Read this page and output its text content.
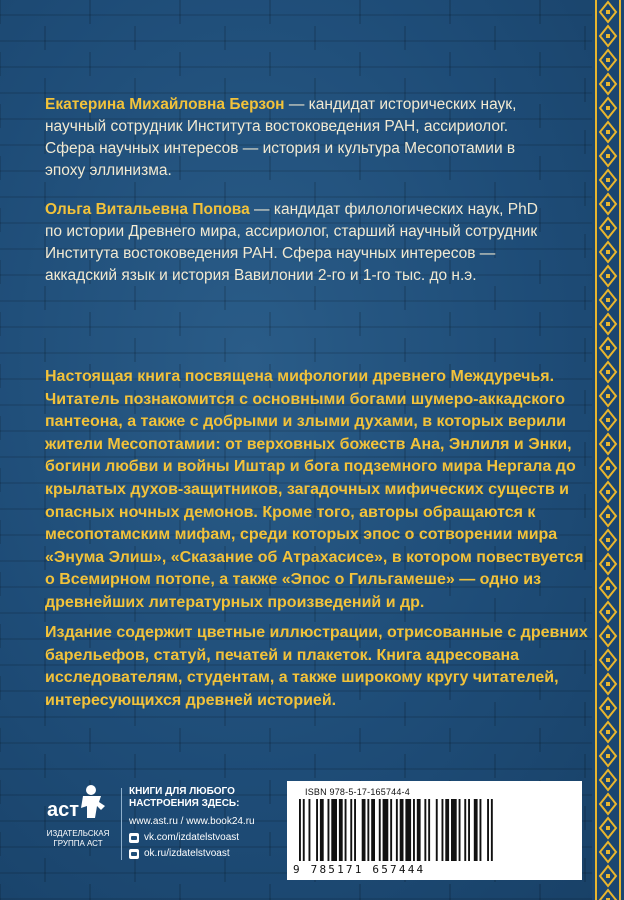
Екатерина Михайловна Берзон — кандидат исторических наук, научный сотрудник Института востоковедения РАН, ассириолог. Сфера научных интересов — история и культура Месопотамии в эпоху эллинизма.
Ольга Витальевна Попова — кандидат филологических наук, PhD по истории Древнего мира, ассириолог, старший научный сотрудник Института востоковедения РАН. Сфера научных интересов — аккадский язык и история Вавилонии 2-го и 1-го тыс. до н.э.

Настоящая книга посвящена мифологии древнего Междуречья. Читатель познакомится с основными богами шумеро-аккадского пантеона, а также с добрыми и злыми духами, в которых верили жители Месопотамии: от верховных божеств Ана, Энлиля и Энки, богини любви и войны Иштар и бога подземного мира Нергала до крылатых духов-защитников, загадочных мифических существ и опасных ночных демонов. Кроме того, авторы обращаются к месопотамским мифам, среди которых эпос о сотворении мира «Энума Элиш», «Сказание об Атрахасисе», в котором повествуется о Всемирном потопе, а также «Эпос о Гильгамеше» — одно из древнейших литературных произведений и др.

Издание содержит цветные иллюстрации, отрисованные с древних барельефов, статуй, печатей и плакеток. Книга адресована исследователям, студентам, а также широкому кругу читателей, интересующихся древней историей.

аст
ИЗДАТЕЛЬСКАЯ
ГРУППА АСТ
КНИГИ ДЛЯ ЛЮБОГО НАСТРОЕНИЯ ЗДЕСЬ:
www.ast.ru / www.book24.ru
vk.com/izdatelstvoast
ok.ru/izdatelstvoast
ISBN 978-5-17-165744-4
9 785171 657444
